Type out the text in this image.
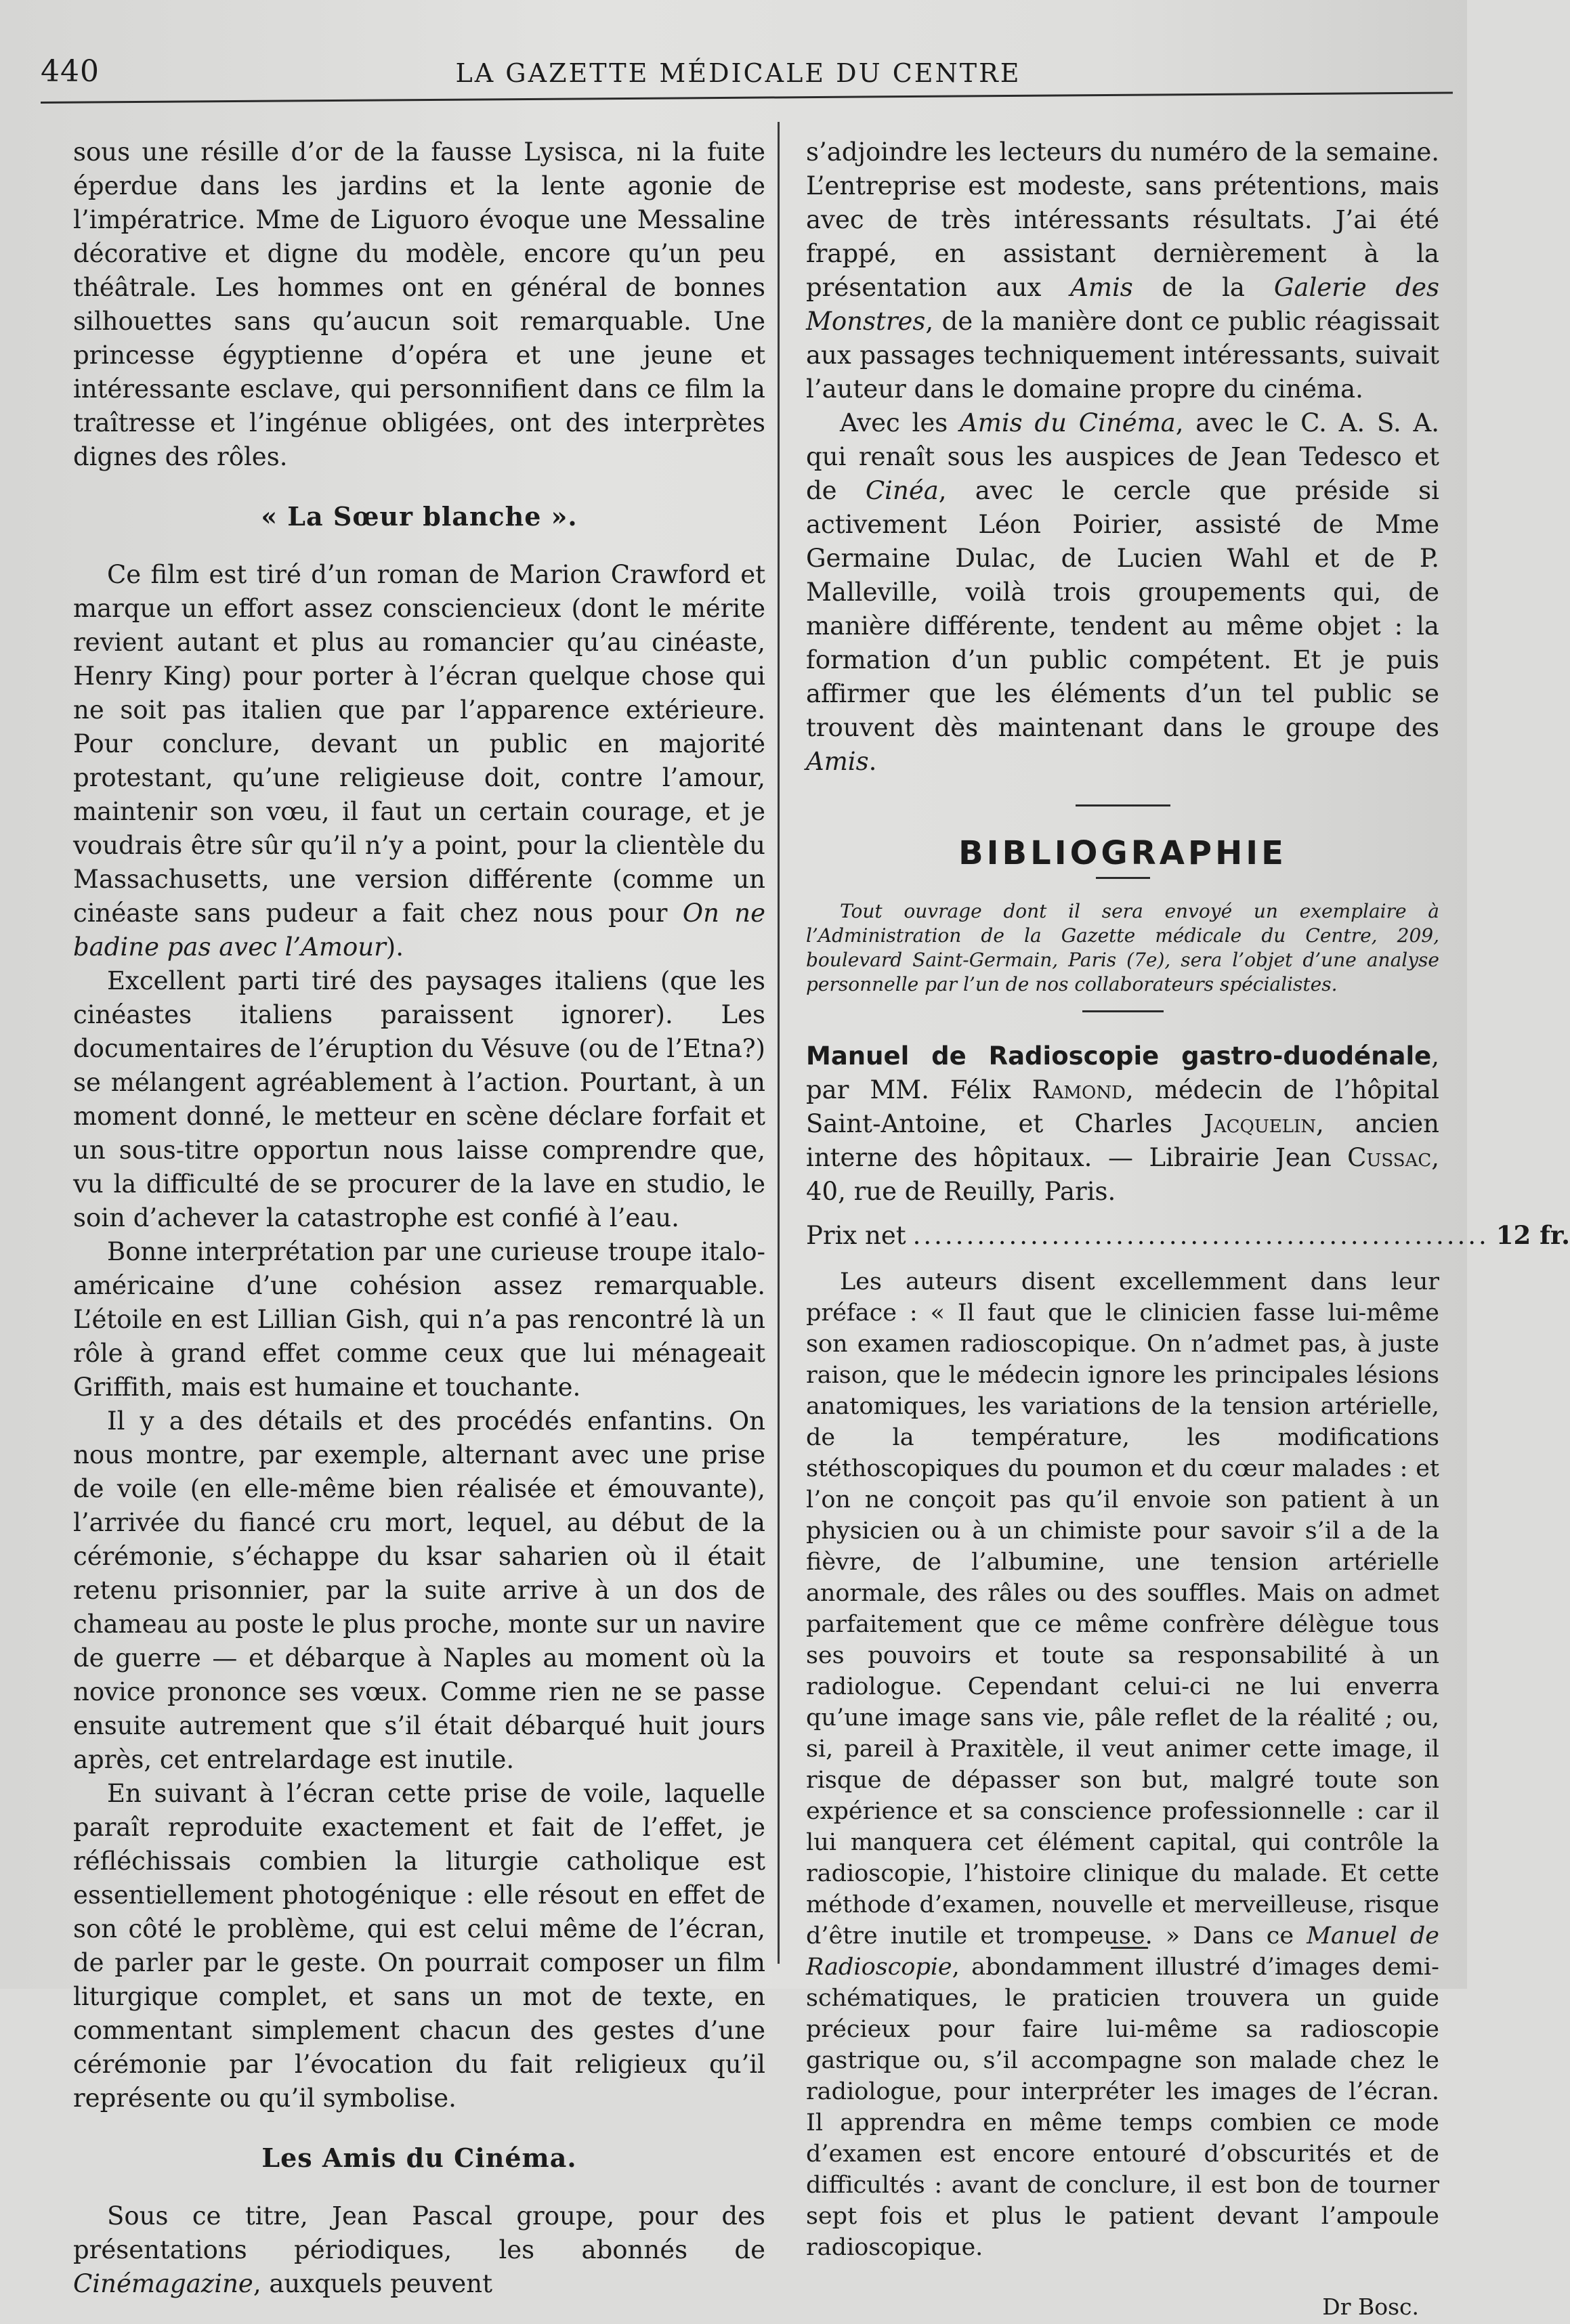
440	LA GAZETTE MÉDICALE DU CENTRE

sous une résille d’or de la fausse Lysisca, ni la fuite éperdue dans les jardins et la lente agonie de l’impératrice. Mme de Liguoro évoque une Messaline décorative et digne du modèle, encore qu’un peu théâtrale. Les hommes ont en général de bonnes silhouettes sans qu’aucun soit remarquable. Une princesse égyptienne d’opéra et une jeune et intéressante esclave, qui personnifient dans ce film la traîtresse et l’ingénue obligées, ont des interprètes dignes des rôles.

« La Sœur blanche ».

Ce film est tiré d’un roman de Marion Crawford et marque un effort assez consciencieux (dont le mérite revient autant et plus au romancier qu’au cinéaste, Henry King) pour porter à l’écran quelque chose qui ne soit pas italien que par l’apparence extérieure. Pour conclure, devant un public en majorité protestant, qu’une religieuse doit, contre l’amour, maintenir son vœu, il faut un certain courage, et je voudrais être sûr qu’il n’y a point, pour la clientèle du Massachusetts, une version différente (comme un cinéaste sans pudeur a fait chez nous pour On ne badine pas avec l’Amour).

Excellent parti tiré des paysages italiens (que les cinéastes italiens paraissent ignorer). Les documentaires de l’éruption du Vésuve (ou de l’Etna?) se mélangent agréablement à l’action. Pourtant, à un moment donné, le metteur en scène déclare forfait et un sous-titre opportun nous laisse comprendre que, vu la difficulté de se procurer de la lave en studio, le soin d’achever la catastrophe est confié à l’eau.

Bonne interprétation par une curieuse troupe italo-américaine d’une cohésion assez remarquable. L’étoile en est Lillian Gish, qui n’a pas rencontré là un rôle à grand effet comme ceux que lui ménageait Griffith, mais est humaine et touchante.

Il y a des détails et des procédés enfantins. On nous montre, par exemple, alternant avec une prise de voile (en elle-même bien réalisée et émouvante), l’arrivée du fiancé cru mort, lequel, au début de la cérémonie, s’échappe du ksar saharien où il était retenu prisonnier, par la suite arrive à un dos de chameau au poste le plus proche, monte sur un navire de guerre — et débarque à Naples au moment où la novice prononce ses vœux. Comme rien ne se passe ensuite autrement que s’il était débarqué huit jours après, cet entrelardage est inutile.

En suivant à l’écran cette prise de voile, laquelle paraît reproduite exactement et fait de l’effet, je réfléchissais combien la liturgie catholique est essentiellement photogénique : elle résout en effet de son côté le problème, qui est celui même de l’écran, de parler par le geste. On pourrait composer un film liturgique complet, et sans un mot de texte, en commentant simplement chacun des gestes d’une cérémonie par l’évocation du fait religieux qu’il représente ou qu’il symbolise.

Les Amis du Cinéma.

Sous ce titre, Jean Pascal groupe, pour des présentations périodiques, les abonnés de Cinémagazine, auxquels peuvent

s’adjoindre les lecteurs du numéro de la semaine. L’entreprise est modeste, sans prétentions, mais avec de très intéressants résultats. J’ai été frappé, en assistant dernièrement à la présentation aux Amis de la Galerie des Monstres, de la manière dont ce public réagissait aux passages techniquement intéressants, suivait l’auteur dans le domaine propre du cinéma.

Avec les Amis du Cinéma, avec le C. A. S. A. qui renaît sous les auspices de Jean Tedesco et de Cinéa, avec le cercle que préside si activement Léon Poirier, assisté de Mme Germaine Dulac, de Lucien Wahl et de P. Malleville, voilà trois groupements qui, de manière différente, tendent au même objet : la formation d’un public compétent. Et je puis affirmer que les éléments d’un tel public se trouvent dès maintenant dans le groupe des Amis.

BIBLIOGRAPHIE

Tout ouvrage dont il sera envoyé un exemplaire à l’Administration de la Gazette médicale du Centre, 209, boulevard Saint-Germain, Paris (7e), sera l’objet d’une analyse personnelle par l’un de nos collaborateurs spécialistes.

Manuel de Radioscopie gastro-duodénale, par MM. Félix Ramond, médecin de l’hôpital Saint-Antoine, et Charles Jacquelin, ancien interne des hôpitaux. — Librairie Jean Cussac, 40, rue de Reuilly, Paris.

Prix net ...................................................... 12 fr.

Les auteurs disent excellemment dans leur préface : « Il faut que le clinicien fasse lui-même son examen radioscopique. On n’admet pas, à juste raison, que le médecin ignore les principales lésions anatomiques, les variations de la tension artérielle, de la température, les modifications stéthoscopiques du poumon et du cœur malades : et l’on ne conçoit pas qu’il envoie son patient à un physicien ou à un chimiste pour savoir s’il a de la fièvre, de l’albumine, une tension artérielle anormale, des râles ou des souffles. Mais on admet parfaitement que ce même confrère délègue tous ses pouvoirs et toute sa responsabilité à un radiologue. Cependant celui-ci ne lui enverra qu’une image sans vie, pâle reflet de la réalité ; ou, si, pareil à Praxitèle, il veut animer cette image, il risque de dépasser son but, malgré toute son expérience et sa conscience professionnelle : car il lui manquera cet élément capital, qui contrôle la radioscopie, l’histoire clinique du malade. Et cette méthode d’examen, nouvelle et merveilleuse, risque d’être inutile et trompeuse. » Dans ce Manuel de Radioscopie, abondamment illustré d’images demi-schématiques, le praticien trouvera un guide précieux pour faire lui-même sa radioscopie gastrique ou, s’il accompagne son malade chez le radiologue, pour interpréter les images de l’écran. Il apprendra en même temps combien ce mode d’examen est encore entouré d’obscurités et de difficultés : avant de conclure, il est bon de tourner sept fois et plus le patient devant l’ampoule radioscopique.

Dr Bosc.
